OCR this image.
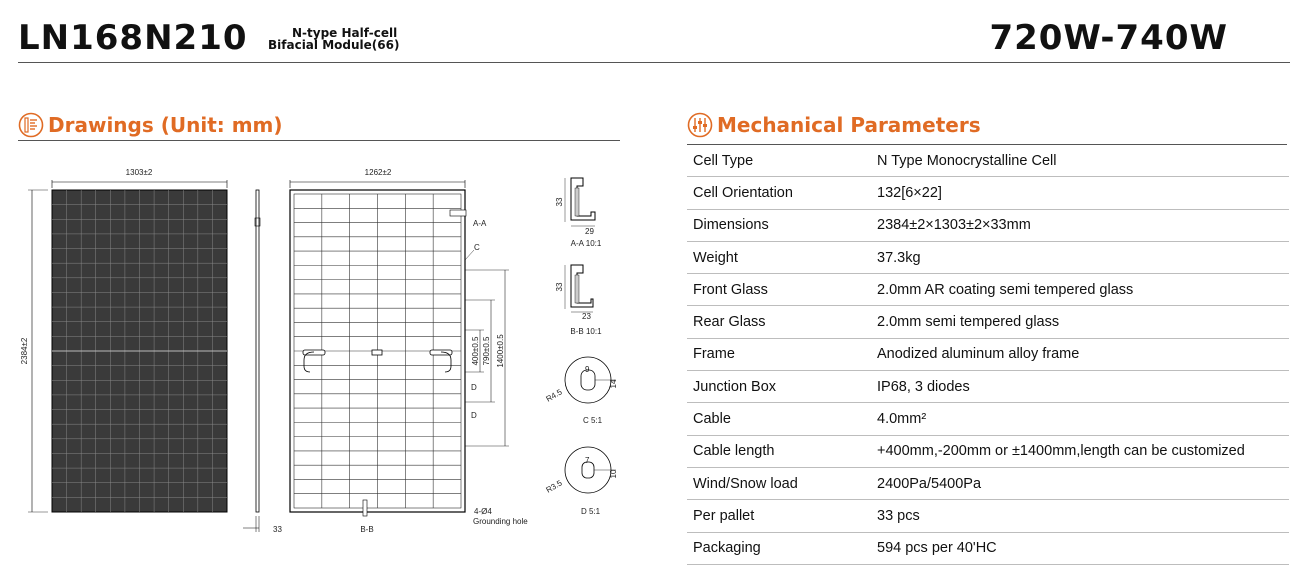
LN168N210	N-type Half-cell
Bifacial Module(66)	720W-740W
Drawings (Unit: mm)	Mechanical Parameters
1303±2
2384±2
33
1262±2
400±0.5 790±0.5 1400±0.5
A-A
C
D
D
4-Ø4
Grounding hole
B-B
33
29
A-A 10:1
33
23
B-B 10:1
9
14
R4.5
C 5:1
7
10
R3.5
D 5:1
Cell Type	N Type Monocrystalline Cell
Cell Orientation	132[6×22]
Dimensions	2384±2×1303±2×33mm
Weight	37.3kg
Front Glass	2.0mm AR coating semi tempered glass
Rear Glass	2.0mm semi tempered glass
Frame	Anodized aluminum alloy frame
Junction Box	IP68, 3 diodes
Cable	4.0mm²
Cable length	+400mm,-200mm or ±1400mm,length can be customized
Wind/Snow load	2400Pa/5400Pa
Per pallet	33 pcs
Packaging	594 pcs per 40'HC
